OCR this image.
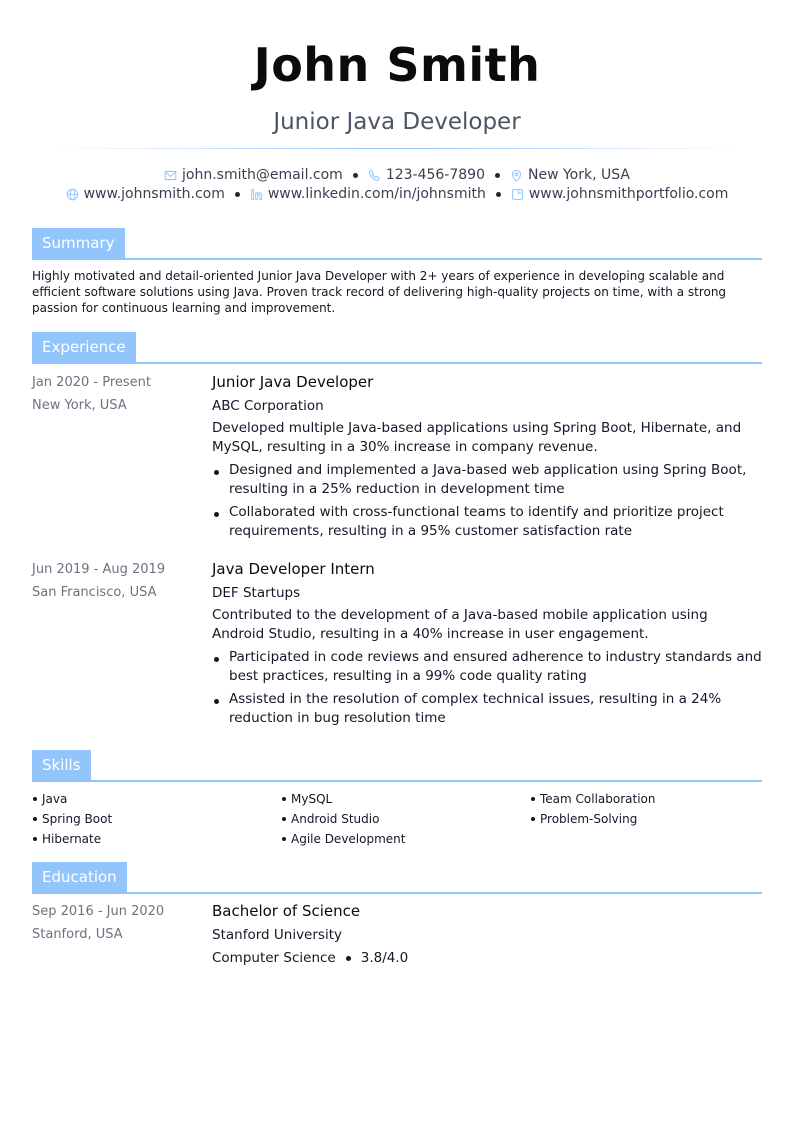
John Smith
Junior Java Developer
john.smith@email.com	123-456-7890	New York, USA
www.johnsmith.com	www.linkedin.com/in/johnsmith	www.johnsmithportfolio.com
Summary
Highly motivated and detail-oriented Junior Java Developer with 2+ years of experience in developing scalable and efficient software solutions using Java. Proven track record of delivering high-quality projects on time, with a strong passion for continuous learning and improvement.
Experience
Jan 2020 - Present
New York, USA
Junior Java Developer
ABC Corporation
Developed multiple Java-based applications using Spring Boot, Hibernate, and MySQL, resulting in a 30% increase in company revenue.
Designed and implemented a Java-based web application using Spring Boot, resulting in a 25% reduction in development time
Collaborated with cross-functional teams to identify and prioritize project requirements, resulting in a 95% customer satisfaction rate
Jun 2019 - Aug 2019
San Francisco, USA
Java Developer Intern
DEF Startups
Contributed to the development of a Java-based mobile application using Android Studio, resulting in a 40% increase in user engagement.
Participated in code reviews and ensured adherence to industry standards and best practices, resulting in a 99% code quality rating
Assisted in the resolution of complex technical issues, resulting in a 24% reduction in bug resolution time
Skills
Java	MySQL	Team Collaboration
Spring Boot	Android Studio	Problem-Solving
Hibernate	Agile Development
Education
Sep 2016 - Jun 2020
Stanford, USA
Bachelor of Science
Stanford University
Computer Science 3.8/4.0
